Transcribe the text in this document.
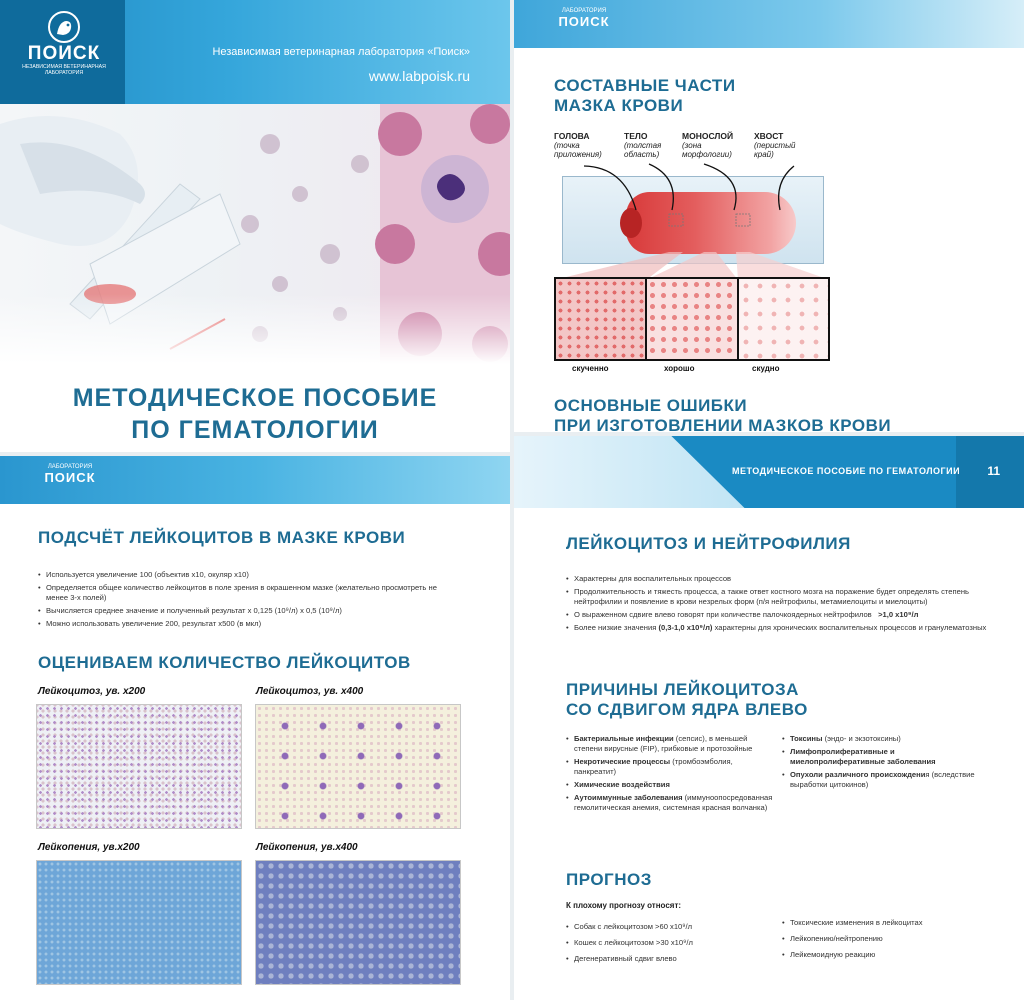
ПОИСК
НЕЗАВИСИМАЯ ВЕТЕРИНАРНАЯ
ЛАБОРАТОРИЯ
Независимая ветеринарная лаборатория «Поиск»
www.labpoisk.ru
МЕТОДИЧЕСКОЕ ПОСОБИЕ
ПО ГЕМАТОЛОГИИ
ЛАБОРАТОРИЯ
ПОИСК
СОСТАВНЫЕ ЧАСТИ
МАЗКА КРОВИ
ГОЛОВА
(точка
приложения)
ТЕЛО
(толстая
область)
МОНОСЛОЙ
(зона
морфологии)
ХВОСТ
(перистый
край)
скученно	хорошо	скудно
ОСНОВНЫЕ ОШИБКИ
ПРИ ИЗГОТОВЛЕНИИ МАЗКОВ КРОВИ
ЛАБОРАТОРИЯ
ПОИСК
ПОДСЧЁТ ЛЕЙКОЦИТОВ В МАЗКЕ КРОВИ
• Используется увеличение 100 (объектив x10, окуляр x10)
• Определяется общее количество лейкоцитов в поле зрения в окрашенном мазке (желательно просмотреть не менее 3-х полей)
• Вычисляется среднее значение и полученный результат x 0,125 (10⁹/л) x 0,5 (10⁹/л)
• Можно использовать увеличение 200, результат x500 (в мкл)
ОЦЕНИВАЕМ КОЛИЧЕСТВО ЛЕЙКОЦИТОВ
Лейкоцитоз, ув. x200	Лейкоцитоз, ув. x400
Лейкопения, ув.x200	Лейкопения, ув.x400
МЕТОДИЧЕСКОЕ ПОСОБИЕ ПО ГЕМАТОЛОГИИ 11
ЛЕЙКОЦИТОЗ И НЕЙТРОФИЛИЯ
• Характерны для воспалительных процессов
• Продолжительность и тяжесть процесса, а также ответ костного мозга на поражение будет определять степень нейтрофилии и появление в крови незрелых форм (п/я нейтрофилы, метамиелоциты и миелоциты)
• О выраженном сдвиге влево говорят при количестве палочкоядерных нейтрофилов >1,0 x10⁹/л
• Более низкие значения (0,3-1,0 x10⁹/л) характерны для хронических воспалительных процессов и гранулематозных
ПРИЧИНЫ ЛЕЙКОЦИТОЗА
СО СДВИГОМ ЯДРА ВЛЕВО
• Бактериальные инфекции (сепсис), в меньшей степени вирусные (FIP), грибковые и протозойные
• Некротические процессы (тромбоэмболия, панкреатит)
• Химические воздействия
• Аутоиммунные заболевания (иммуноопосредованная гемолитическая анемия, системная красная волчанка)
• Токсины (эндо- и экзотоксины)
• Лимфопролиферативные и миелопролиферативные заболевания
• Опухоли различного происхождения (вследствие выработки цитокинов)
ПРОГНОЗ
К плохому прогнозу относят:
• Собак с лейкоцитозом >60 x10⁹/л
• Кошек с лейкоцитозом >30 x10⁹/л
• Дегенеративный сдвиг влево
• Токсические изменения в лейкоцитах
• Лейкопению/нейтропению
• Лейкемоидную реакцию
